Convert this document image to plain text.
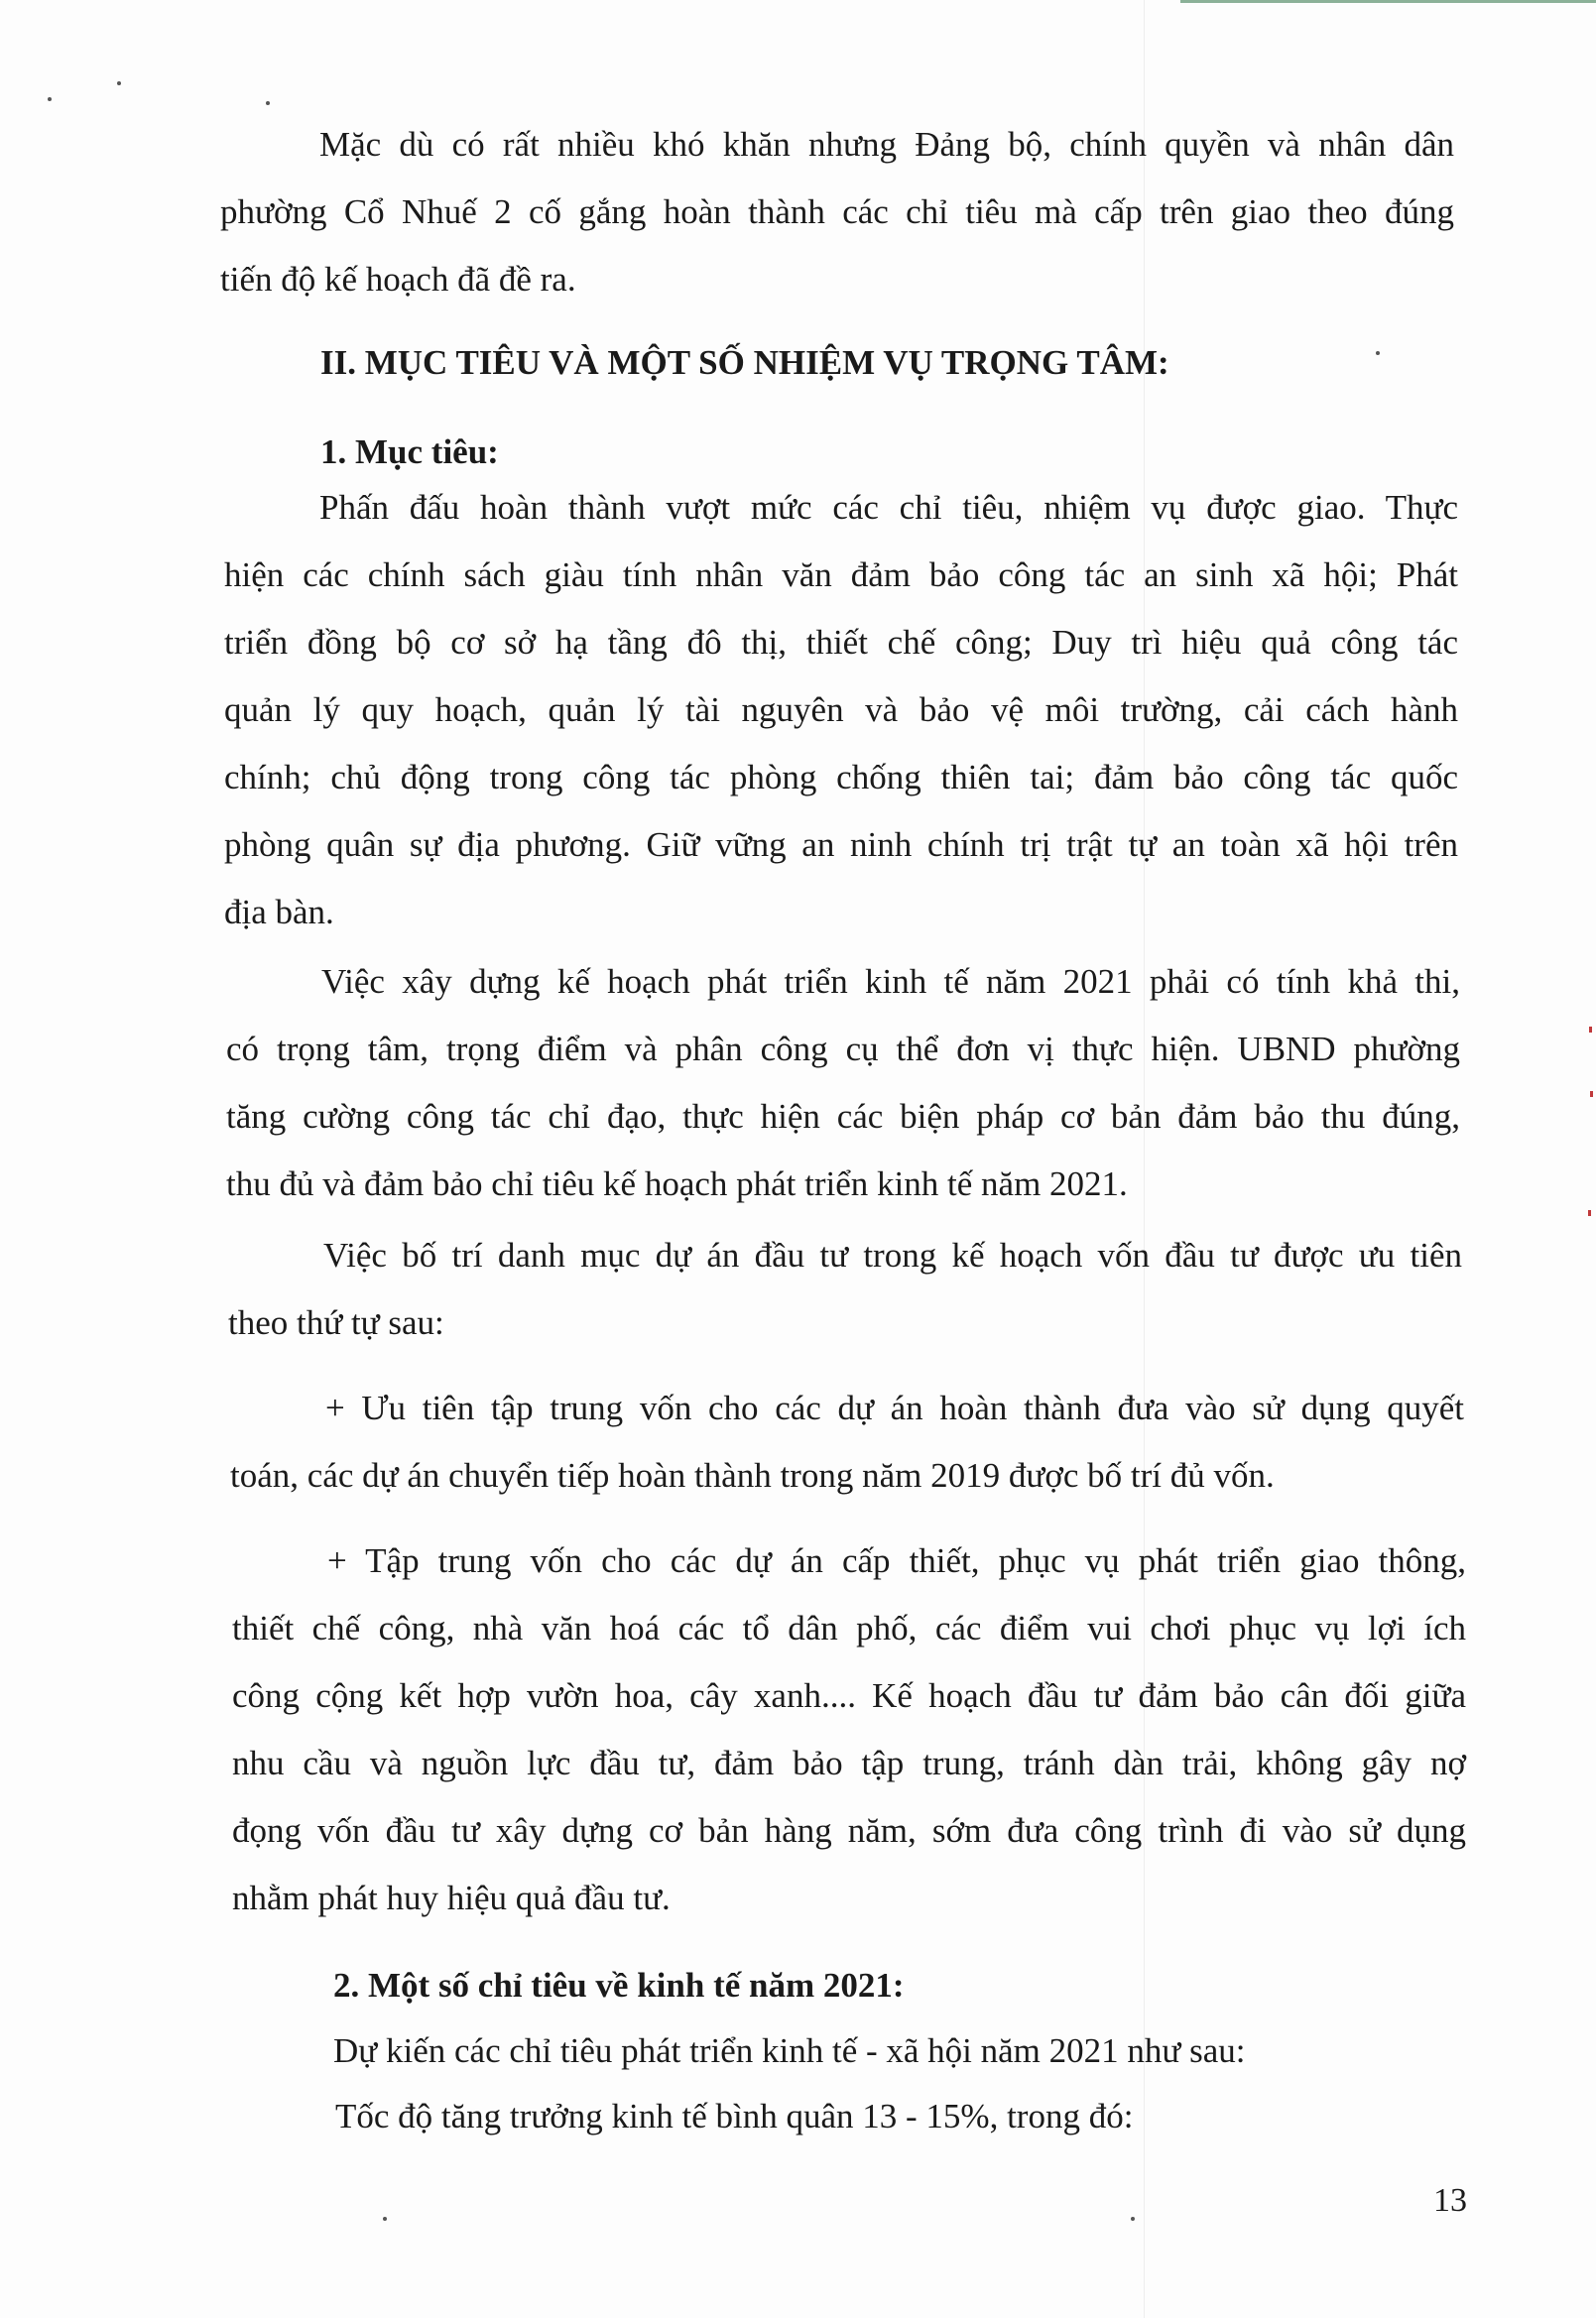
Mặc dù có rất nhiều khó khăn nhưng Đảng bộ, chính quyền và nhân dân
phường Cổ Nhuế 2 cố gắng hoàn thành các chỉ tiêu mà cấp trên giao theo đúng
tiến độ kế hoạch đã đề ra.
II. MỤC TIÊU VÀ MỘT SỐ NHIỆM VỤ TRỌNG TÂM:
1. Mục tiêu:
Phấn đấu hoàn thành vượt mức các chỉ tiêu, nhiệm vụ được giao. Thực
hiện các chính sách giàu tính nhân văn đảm bảo công tác an sinh xã hội; Phát
triển đồng bộ cơ sở hạ tầng đô thị, thiết chế công; Duy trì hiệu quả công tác
quản lý quy hoạch, quản lý tài nguyên và bảo vệ môi trường, cải cách hành
chính; chủ động trong công tác phòng chống thiên tai; đảm bảo công tác quốc
phòng quân sự địa phương. Giữ vững an ninh chính trị trật tự an toàn xã hội trên
địa bàn.
Việc xây dựng kế hoạch phát triển kinh tế năm 2021 phải có tính khả thi,
có trọng tâm, trọng điểm và phân công cụ thể đơn vị thực hiện. UBND phường
tăng cường công tác chỉ đạo, thực hiện các biện pháp cơ bản đảm bảo thu đúng,
thu đủ và đảm bảo chỉ tiêu kế hoạch phát triển kinh tế năm 2021.
Việc bố trí danh mục dự án đầu tư trong kế hoạch vốn đầu tư được ưu tiên
theo thứ tự sau:
+ Ưu tiên tập trung vốn cho các dự án hoàn thành đưa vào sử dụng quyết
toán, các dự án chuyển tiếp hoàn thành trong năm 2019 được bố trí đủ vốn.
+ Tập trung vốn cho các dự án cấp thiết, phục vụ phát triển giao thông,
thiết chế công, nhà văn hoá các tổ dân phố, các điểm vui chơi phục vụ lợi ích
công cộng kết hợp vườn hoa, cây xanh.... Kế hoạch đầu tư đảm bảo cân đối giữa
nhu cầu và nguồn lực đầu tư, đảm bảo tập trung, tránh dàn trải, không gây nợ
đọng vốn đầu tư xây dựng cơ bản hàng năm, sớm đưa công trình đi vào sử dụng
nhằm phát huy hiệu quả đầu tư.
2. Một số chỉ tiêu về kinh tế năm 2021:
Dự kiến các chỉ tiêu phát triển kinh tế - xã hội năm 2021 như sau:
Tốc độ tăng trưởng kinh tế bình quân 13 - 15%, trong đó:
13
